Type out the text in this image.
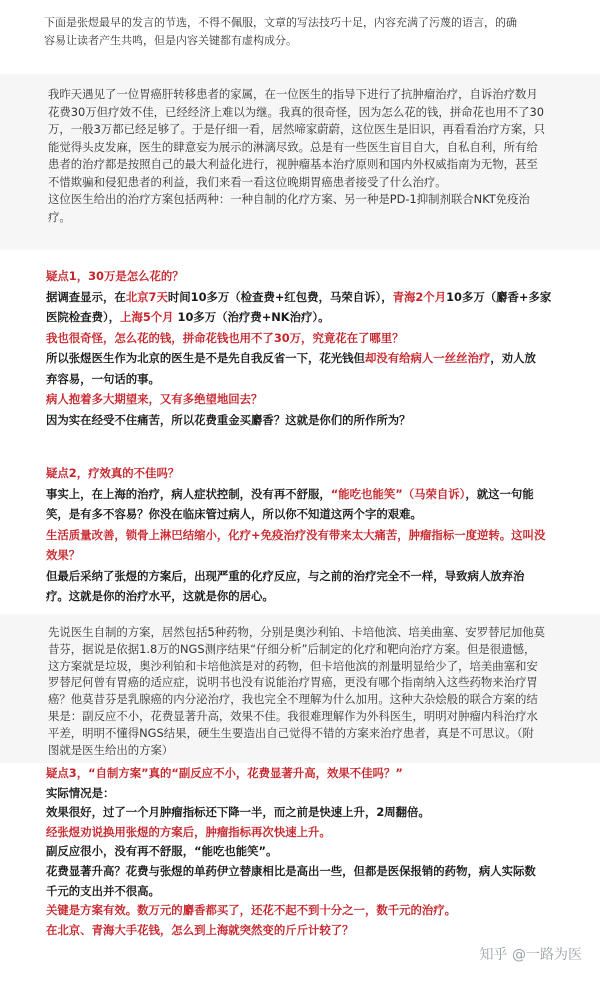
下面是张煜最早的发言的节选，不得不佩服，文章的写法技巧十足，内容充满了污蔑的语言，的确
容易让读者产生共鸣，但是内容关键都有虚构成分。
我昨天遇见了一位胃癌肝转移患者的家属，在一位医生的指导下进行了抗肿瘤治疗，自诉治疗数月
花费30万但疗效不佳，已经经济上难以为继。我真的很奇怪，因为怎么花的钱，拼命花也用不了30
万，一般3万都已经足够了。于是仔细一看，居然啼家蔚蔚，这位医生是旧识，再看看治疗方案，只
能觉得头皮发麻，医生的肆意妄为展示的淋漓尽致。总是有一些医生盲目自大，自私自利，所有给
患者的治疗都是按照自己的最大利益化进行，视肿瘤基本治疗原则和国内外权威指南为无物，甚至
不惜欺骗和侵犯患者的利益，我们来看一看这位晚期胃癌患者接受了什么治疗。
这位医生给出的治疗方案包括两种：一种自制的化疗方案、另一种是PD-1抑制剂联合NKT免疫治
疗。
疑点1，30万是怎么花的？
据调查显示，在北京7天时间10多万（检查费+红包费，马荣自诉），青海2个月10多万（麝香+多家
医院检查费），上海5个月 10多万（治疗费+NK治疗）。
我也很奇怪，怎么花的钱，拼命花钱也用不了30万，究竟花在了哪里？
所以张煜医生作为北京的医生是不是先自我反省一下，花光钱但却没有给病人一丝丝治疗，劝人放
弃容易，一句话的事。
病人抱着多大期望来，又有多绝望地回去？
因为实在经受不住痛苦，所以花费重金买麝香？这就是你们的所作所为？
疑点2，疗效真的不佳吗？
事实上，在上海的治疗，病人症状控制，没有再不舒服，“能吃也能笑”（马荣自诉），就这一句能
笑，是有多不容易？你没在临床管过病人，所以你不知道这两个字的艰难。
生活质量改善，锁骨上淋巴结缩小，化疗+免疫治疗没有带来太大痛苦，肿瘤指标一度逆转。这叫没
效果？
但最后采纳了张煜的方案后，出现严重的化疗反应，与之前的治疗完全不一样，导致病人放弃治
疗。这就是你的治疗水平，这就是你的居心。
先说医生自制的方案，居然包括5种药物，分别是奥沙利铂、卡培他滨、培美曲塞、安罗替尼加他莫
昔芬，据说是依据1.8万的NGS测序结果“仔细分析”后制定的化疗和靶向治疗方案。但是很遗憾，
这方案就是垃圾，奥沙利铂和卡培他滨是对的药物，但卡培他滨的剂量明显给少了，培美曲塞和安
罗替尼何曾有胃癌的适应症，说明书也没有说能治疗胃癌，更没有哪个指南纳入这些药物来治疗胃
癌？他莫昔芬是乳腺癌的内分泌治疗，我也完全不理解为什么加用。这种大杂烩般的联合方案的结
果是：副反应不小，花费显著升高，效果不佳。我很难理解作为外科医生，明明对肿瘤内科治疗水
平差，明明不懂得NGS结果，硬生生要造出自己觉得不错的方案来治疗患者，真是不可思议。（附
图就是医生给出的方案）
疑点3，“自制方案”真的“副反应不小，花费显著升高，效果不佳吗？”
实际情况是：
效果很好，过了一个月肿瘤指标还下降一半，而之前是快速上升，2周翻倍。
经张煜劝说换用张煜的方案后，肿瘤指标再次快速上升。
副反应很小，没有再不舒服，“能吃也能笑”。
花费显著升高？花费与张煜的单药伊立替康相比是高出一些，但都是医保报销的药物，病人实际数
千元的支出并不很高。
关键是方案有效。数万元的麝香都买了，还花不起不到十分之一，数千元的治疗。
在北京、青海大手花钱，怎么到上海就突然变的斤斤计较了？
知乎 @一路为医
